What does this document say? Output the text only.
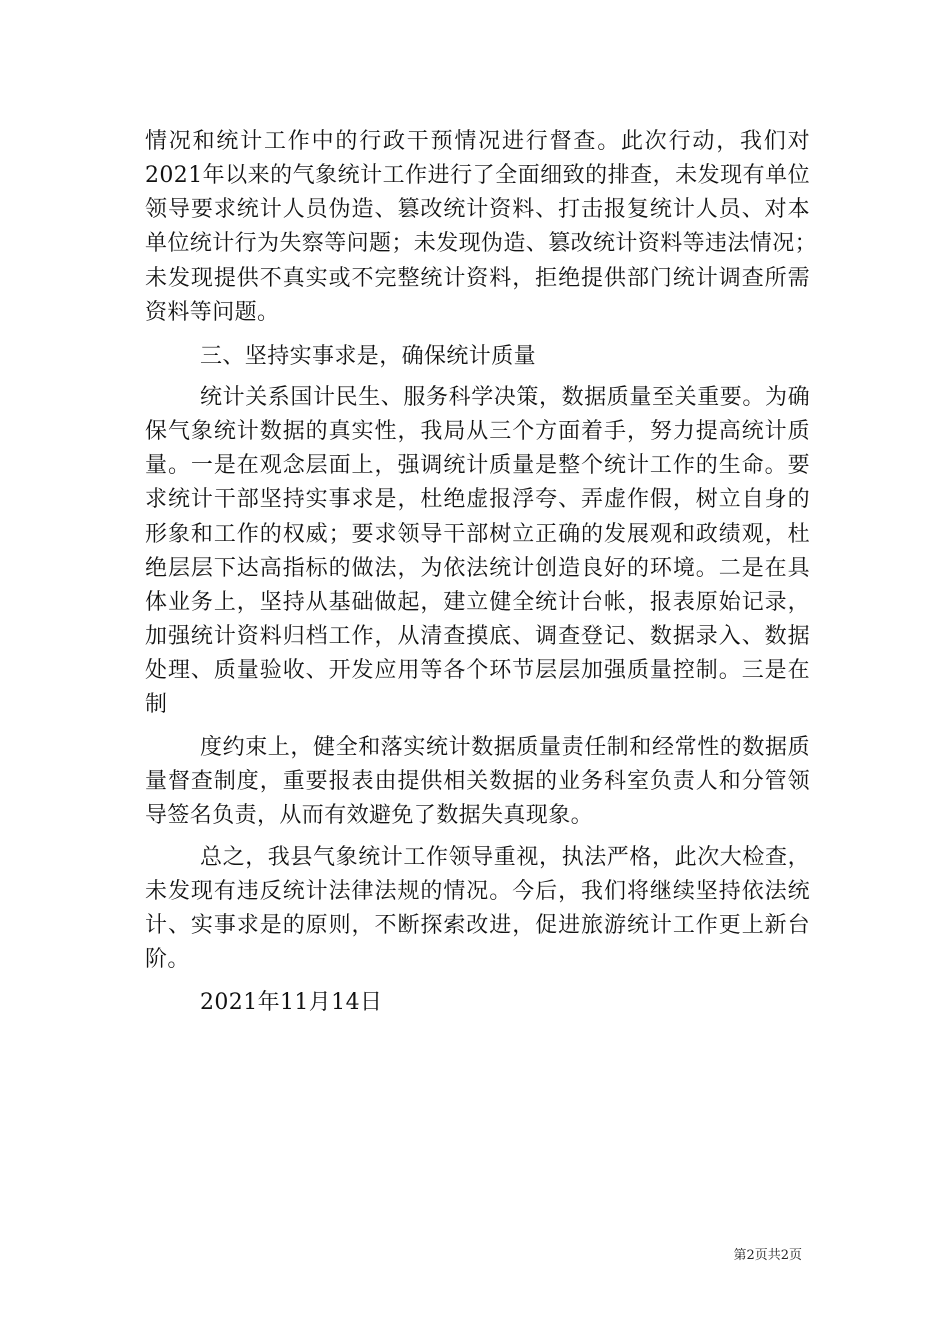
情况和统计工作中的行政干预情况进行督查。此次行动，我们对
2021年以来的气象统计工作进行了全面细致的排查，未发现有单位
领导要求统计人员伪造、篡改统计资料、打击报复统计人员、对本
单位统计行为失察等问题；未发现伪造、篡改统计资料等违法情况；
未发现提供不真实或不完整统计资料，拒绝提供部门统计调查所需
资料等问题。
三、坚持实事求是，确保统计质量
统计关系国计民生、服务科学决策，数据质量至关重要。为确
保气象统计数据的真实性，我局从三个方面着手，努力提高统计质
量。一是在观念层面上，强调统计质量是整个统计工作的生命。要
求统计干部坚持实事求是，杜绝虚报浮夸、弄虚作假，树立自身的
形象和工作的权威；要求领导干部树立正确的发展观和政绩观，杜
绝层层下达高指标的做法，为依法统计创造良好的环境。二是在具
体业务上，坚持从基础做起，建立健全统计台帐，报表原始记录，
加强统计资料归档工作，从清查摸底、调查登记、数据录入、数据
处理、质量验收、开发应用等各个环节层层加强质量控制。三是在
制
度约束上，健全和落实统计数据质量责任制和经常性的数据质
量督查制度，重要报表由提供相关数据的业务科室负责人和分管领
导签名负责，从而有效避免了数据失真现象。
总之，我县气象统计工作领导重视，执法严格，此次大检查，
未发现有违反统计法律法规的情况。今后，我们将继续坚持依法统
计、实事求是的原则，不断探索改进，促进旅游统计工作更上新台
阶。
2021年11月14日
第2页共2页
